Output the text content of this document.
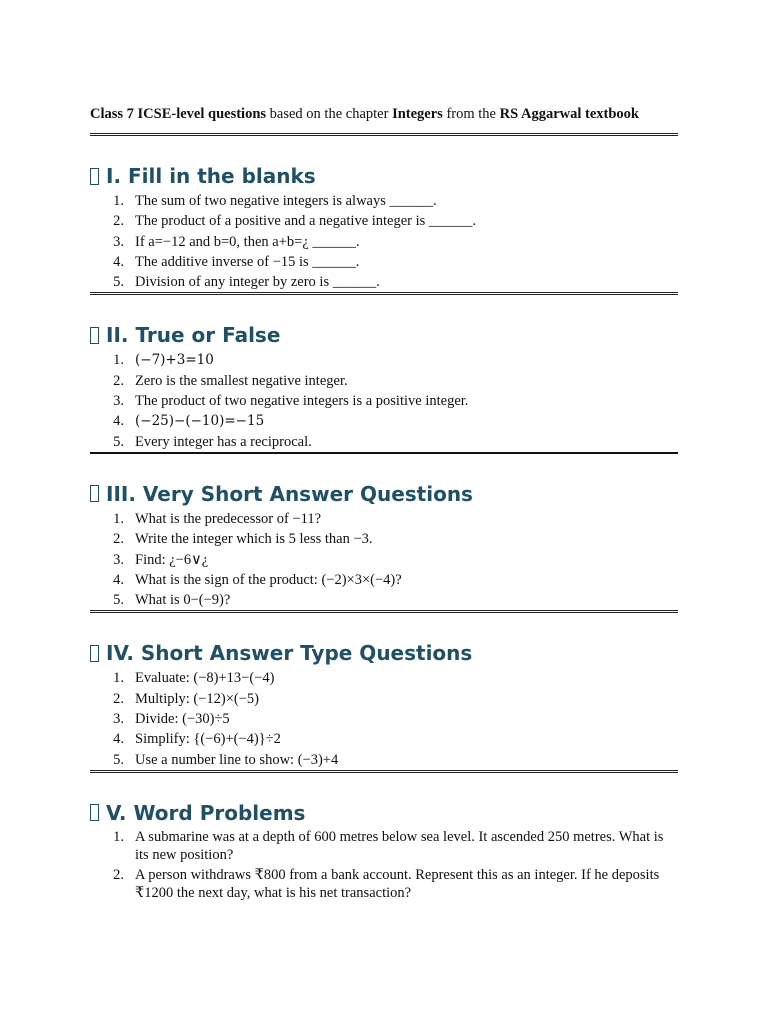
Class 7 ICSE-level questions based on the chapter Integers from the RS Aggarwal textbook

I. Fill in the blanks
1. The sum of two negative integers is always ______.
2. The product of a positive and a negative integer is ______.
3. If a=−12 and b=0, then a+b=¿ ______.
4. The additive inverse of −15 is ______.
5. Division of any integer by zero is ______.
II. True or False
1. (−7)+3=10
2. Zero is the smallest negative integer.
3. The product of two negative integers is a positive integer.
4. (−25)−(−10)=−15
5. Every integer has a reciprocal.
III. Very Short Answer Questions
1. What is the predecessor of −11?
2. Write the integer which is 5 less than −3.
3. Find: ¿−6∨¿
4. What is the sign of the product: (−2)×3×(−4)?
5. What is 0−(−9)?
IV. Short Answer Type Questions
1. Evaluate: (−8)+13−(−4)
2. Multiply: (−12)×(−5)
3. Divide: (−30)÷5
4. Simplify: {(−6)+(−4)}÷2
5. Use a number line to show: (−3)+4
V. Word Problems
1. A submarine was at a depth of 600 metres below sea level. It ascended 250 metres. What is its new position?
2. A person withdraws ₹800 from a bank account. Represent this as an integer. If he deposits ₹1200 the next day, what is his net transaction?
